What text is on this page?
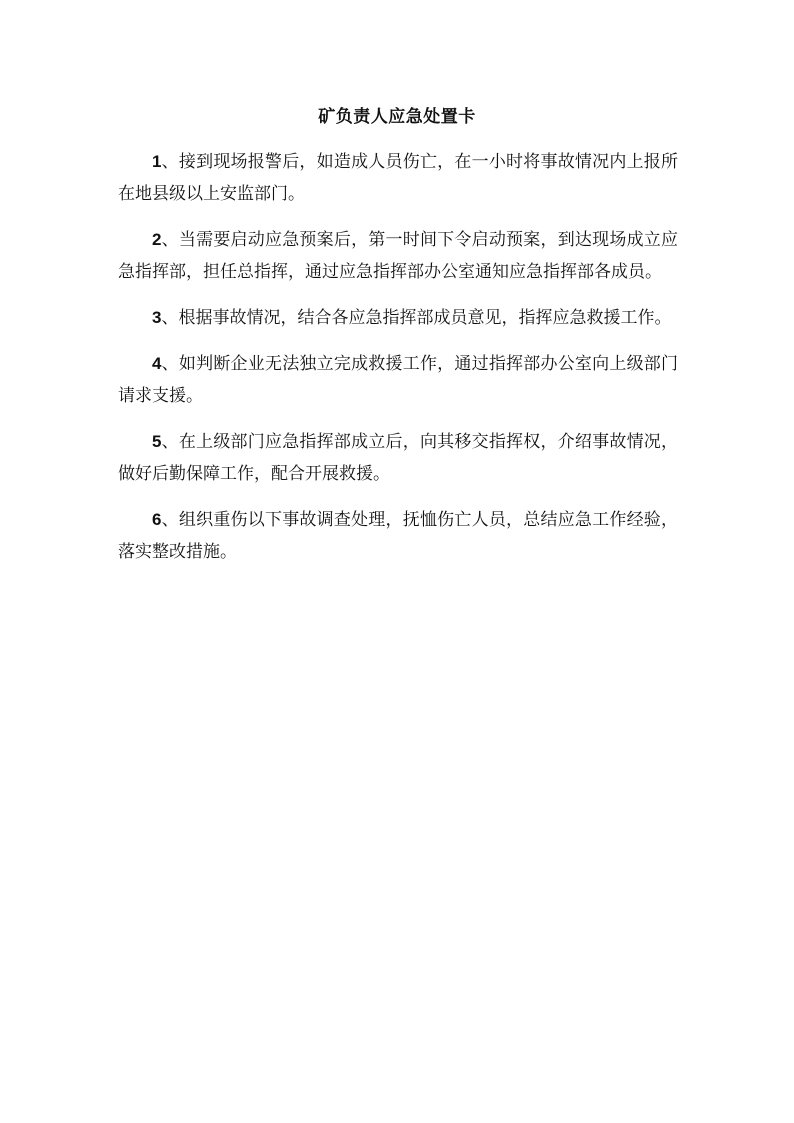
矿负责人应急处置卡

1、接到现场报警后，如造成人员伤亡，在一小时将事故情况内上报所在地县级以上安监部门。

2、当需要启动应急预案后，第一时间下令启动预案，到达现场成立应急指挥部，担任总指挥，通过应急指挥部办公室通知应急指挥部各成员。

3、根据事故情况，结合各应急指挥部成员意见，指挥应急救援工作。

4、如判断企业无法独立完成救援工作，通过指挥部办公室向上级部门请求支援。

5、在上级部门应急指挥部成立后，向其移交指挥权，介绍事故情况，做好后勤保障工作，配合开展救援。

6、组织重伤以下事故调查处理，抚恤伤亡人员，总结应急工作经验，落实整改措施。
